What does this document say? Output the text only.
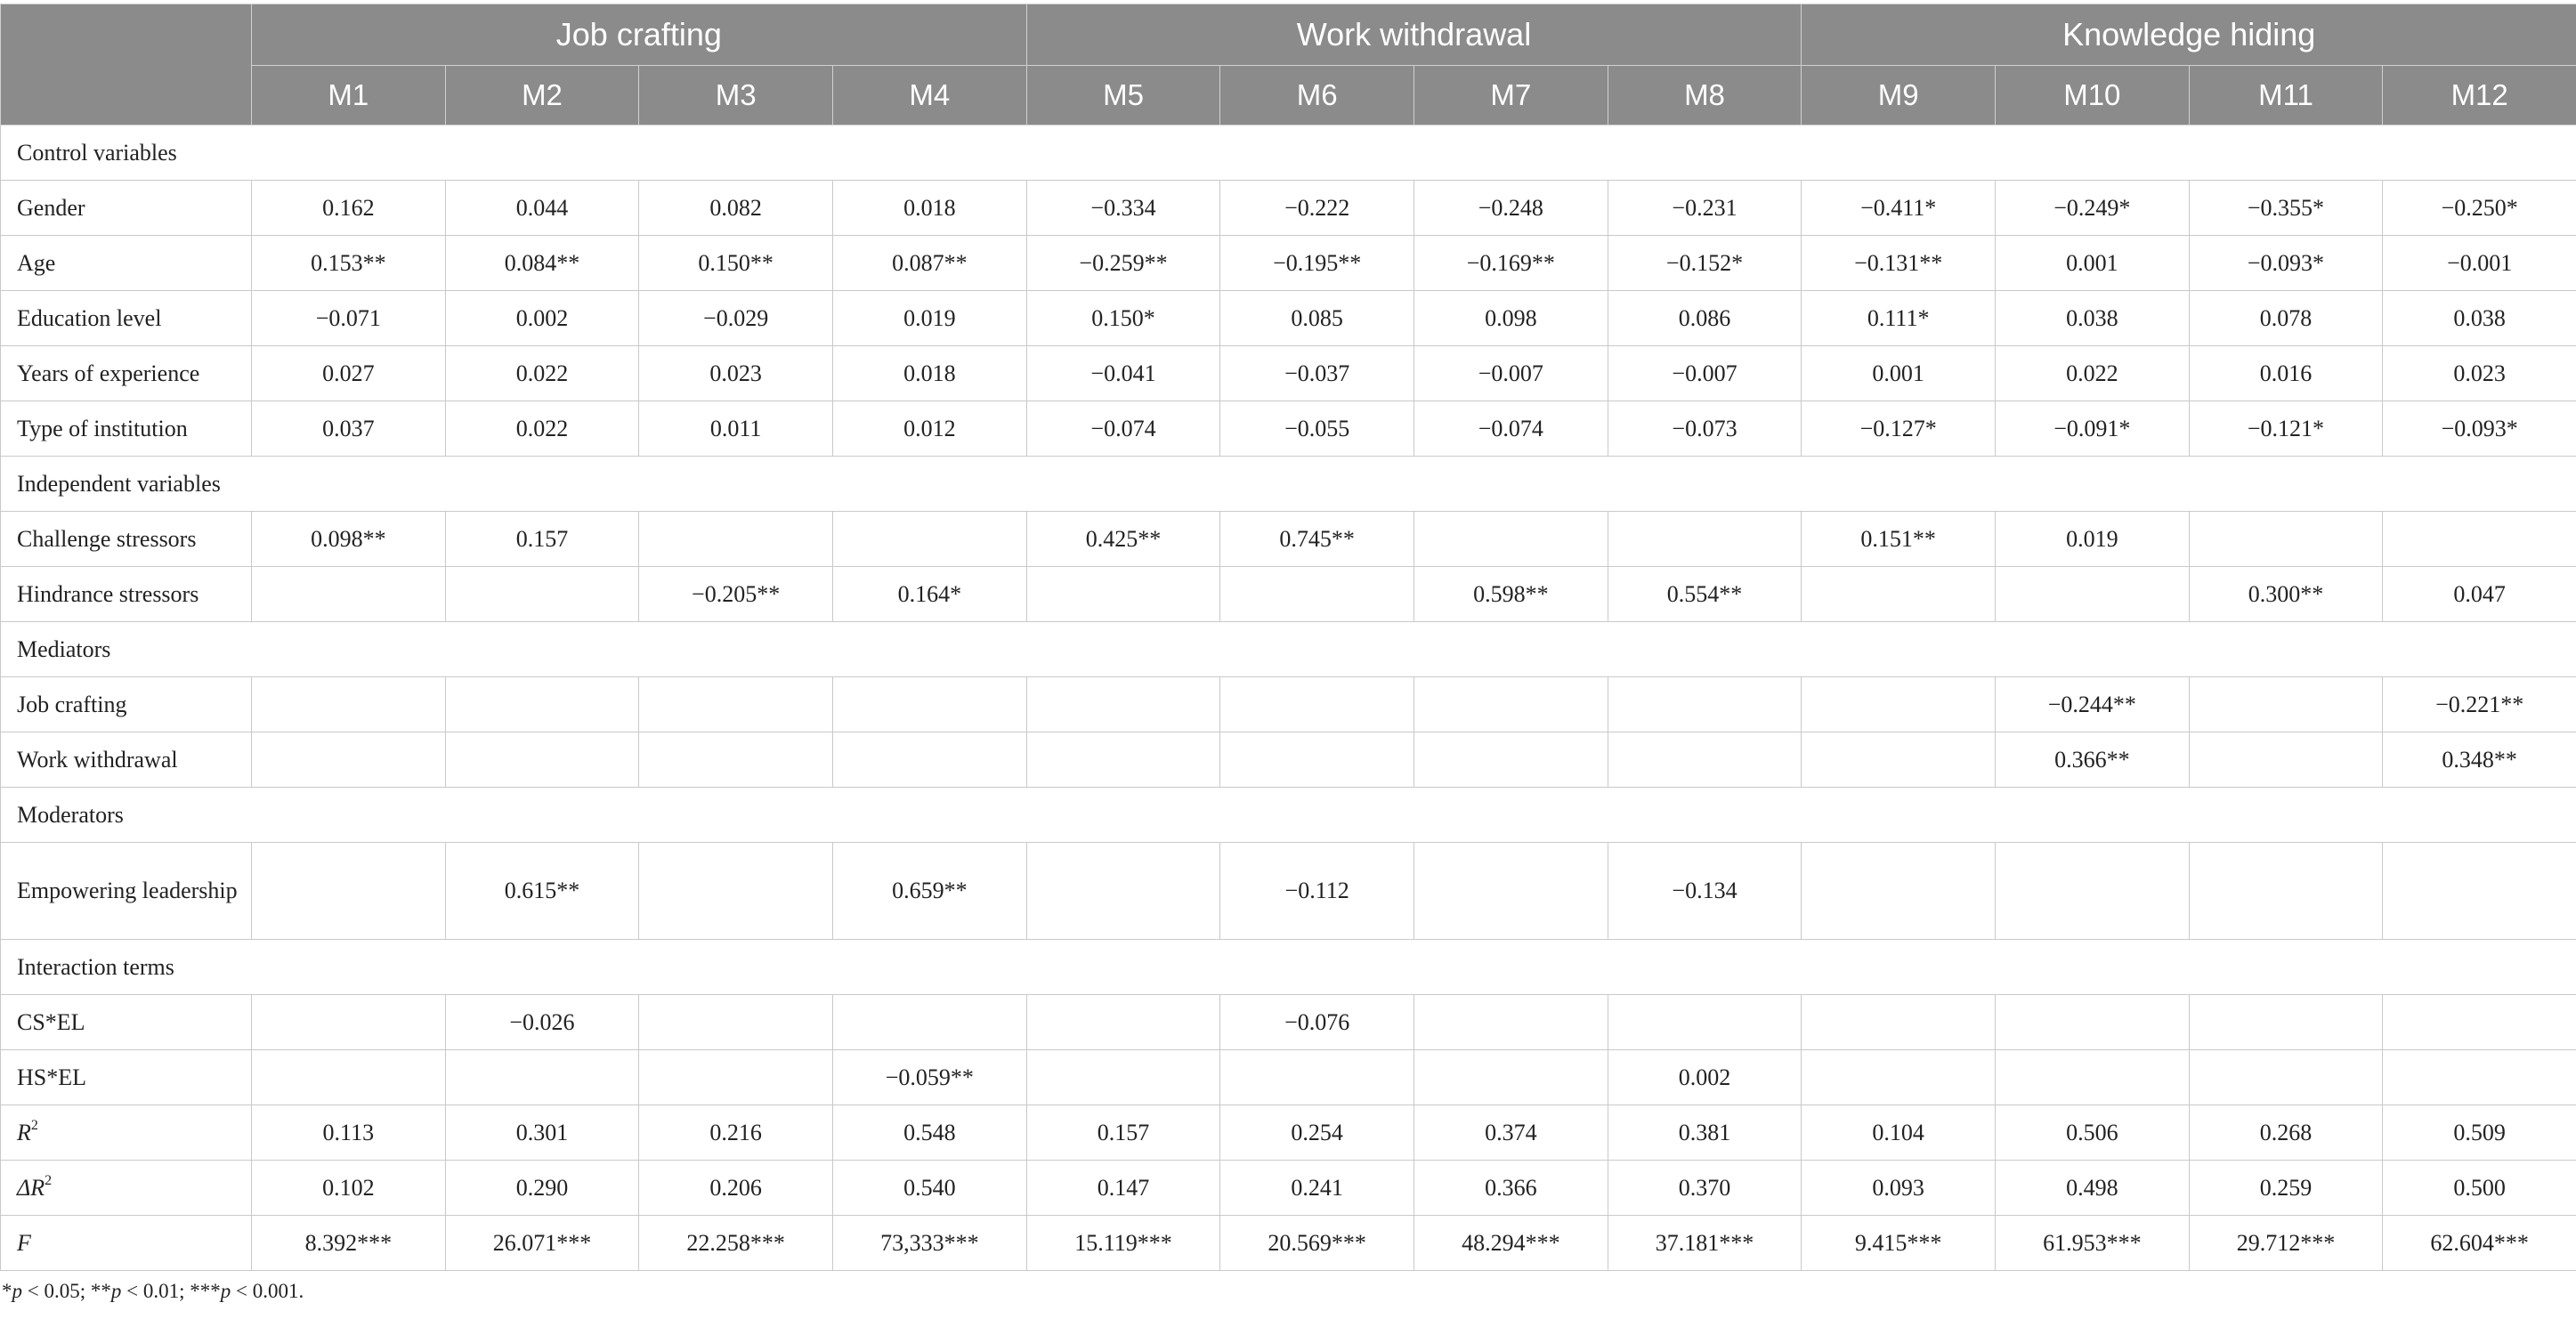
	Job crafting				Work withdrawal				Knowledge hiding			
	M1	M2	M3	M4	M5	M6	M7	M8	M9	M10	M11	M12
Control variables												
Gender	0.162	0.044	0.082	0.018	−0.334	−0.222	−0.248	−0.231	−0.411*	−0.249*	−0.355*	−0.250*
Age	0.153**	0.084**	0.150**	0.087**	−0.259**	−0.195**	−0.169**	−0.152*	−0.131**	0.001	−0.093*	−0.001
Education level	−0.071	0.002	−0.029	0.019	0.150*	0.085	0.098	0.086	0.111*	0.038	0.078	0.038
Years of experience	0.027	0.022	0.023	0.018	−0.041	−0.037	−0.007	−0.007	0.001	0.022	0.016	0.023
Type of institution	0.037	0.022	0.011	0.012	−0.074	−0.055	−0.074	−0.073	−0.127*	−0.091*	−0.121*	−0.093*
Independent variables												
Challenge stressors	0.098**	0.157			0.425**	0.745**			0.151**	0.019		
Hindrance stressors			−0.205**	0.164*			0.598**	0.554**			0.300**	0.047
Mediators												
Job crafting										−0.244**		−0.221**
Work withdrawal										0.366**		0.348**
Moderators												
Empowering leadership		0.615**		0.659**		−0.112		−0.134				
Interaction terms												
CS*EL		−0.026				−0.076						
HS*EL				−0.059**				0.002				
$R^2$	0.113	0.301	0.216	0.548	0.157	0.254	0.374	0.381	0.104	0.506	0.268	0.509
$\Delta R^2$	0.102	0.290	0.206	0.540	0.147	0.241	0.366	0.370	0.093	0.498	0.259	0.500
F	8.392***	26.071***	22.258***	73,333***	15.119***	20.569***	48.294***	37.181***	9.415***	61.953***	29.712***	62.604***
*p < 0.05; **p < 0.01; ***p < 0.001.
